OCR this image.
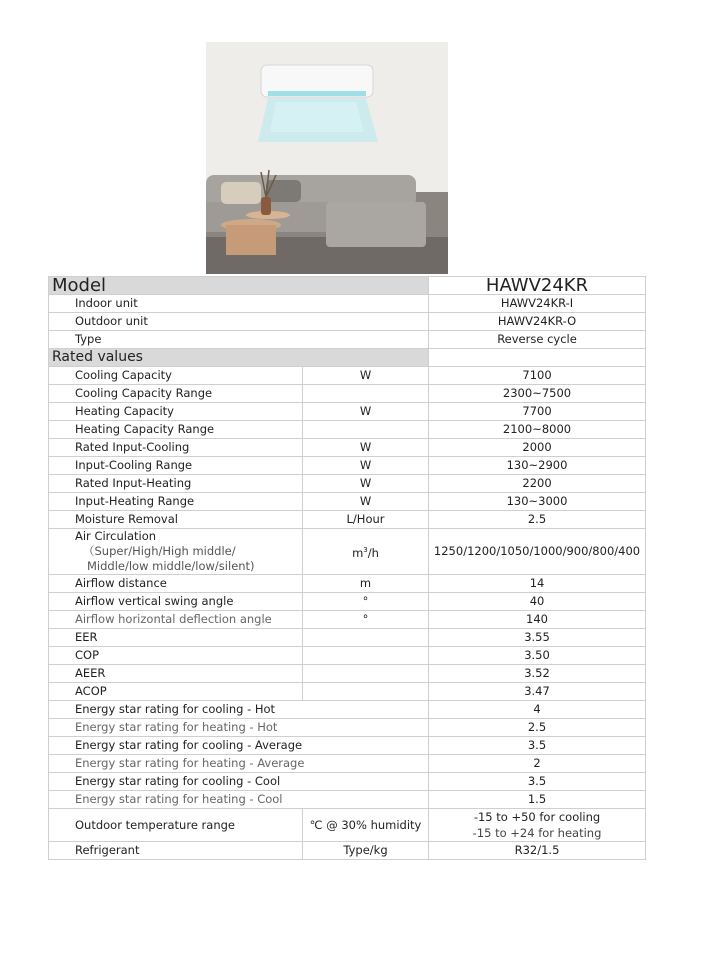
Model		HAWV24KR
Indoor unit		HAWV24KR-I
Outdoor unit		HAWV24KR-O
Type		Reverse cycle
Rated values		
Cooling Capacity	W	7100
Cooling Capacity Range		2300~7500
Heating Capacity	W	7700
Heating Capacity Range		2100~8000
Rated Input-Cooling	W	2000
Input-Cooling Range	W	130~2900
Rated Input-Heating	W	2200
Input-Heating Range	W	130~3000
Moisture Removal	L/Hour	2.5
Air Circulation
（Super/High/High middle/
Middle/low middle/low/silent)	$m^3/h$	1250/1200/1050/1000/900/800/400
Airflow distance	m	14
Airflow vertical swing angle	°	40
Airflow horizontal deflection angle	°	140
EER		3.55
COP		3.50
AEER		3.52
ACOP		3.47
Energy star rating for cooling - Hot		4
Energy star rating for heating - Hot		2.5
Energy star rating for cooling - Average		3.5
Energy star rating for heating - Average		2
Energy star rating for cooling - Cool		3.5
Energy star rating for heating - Cool		1.5
Outdoor temperature range	℃ @ 30% humidity	-15 to +50 for cooling
-15 to +24 for heating

Refrigerant	Type/kg	R32/1.5
